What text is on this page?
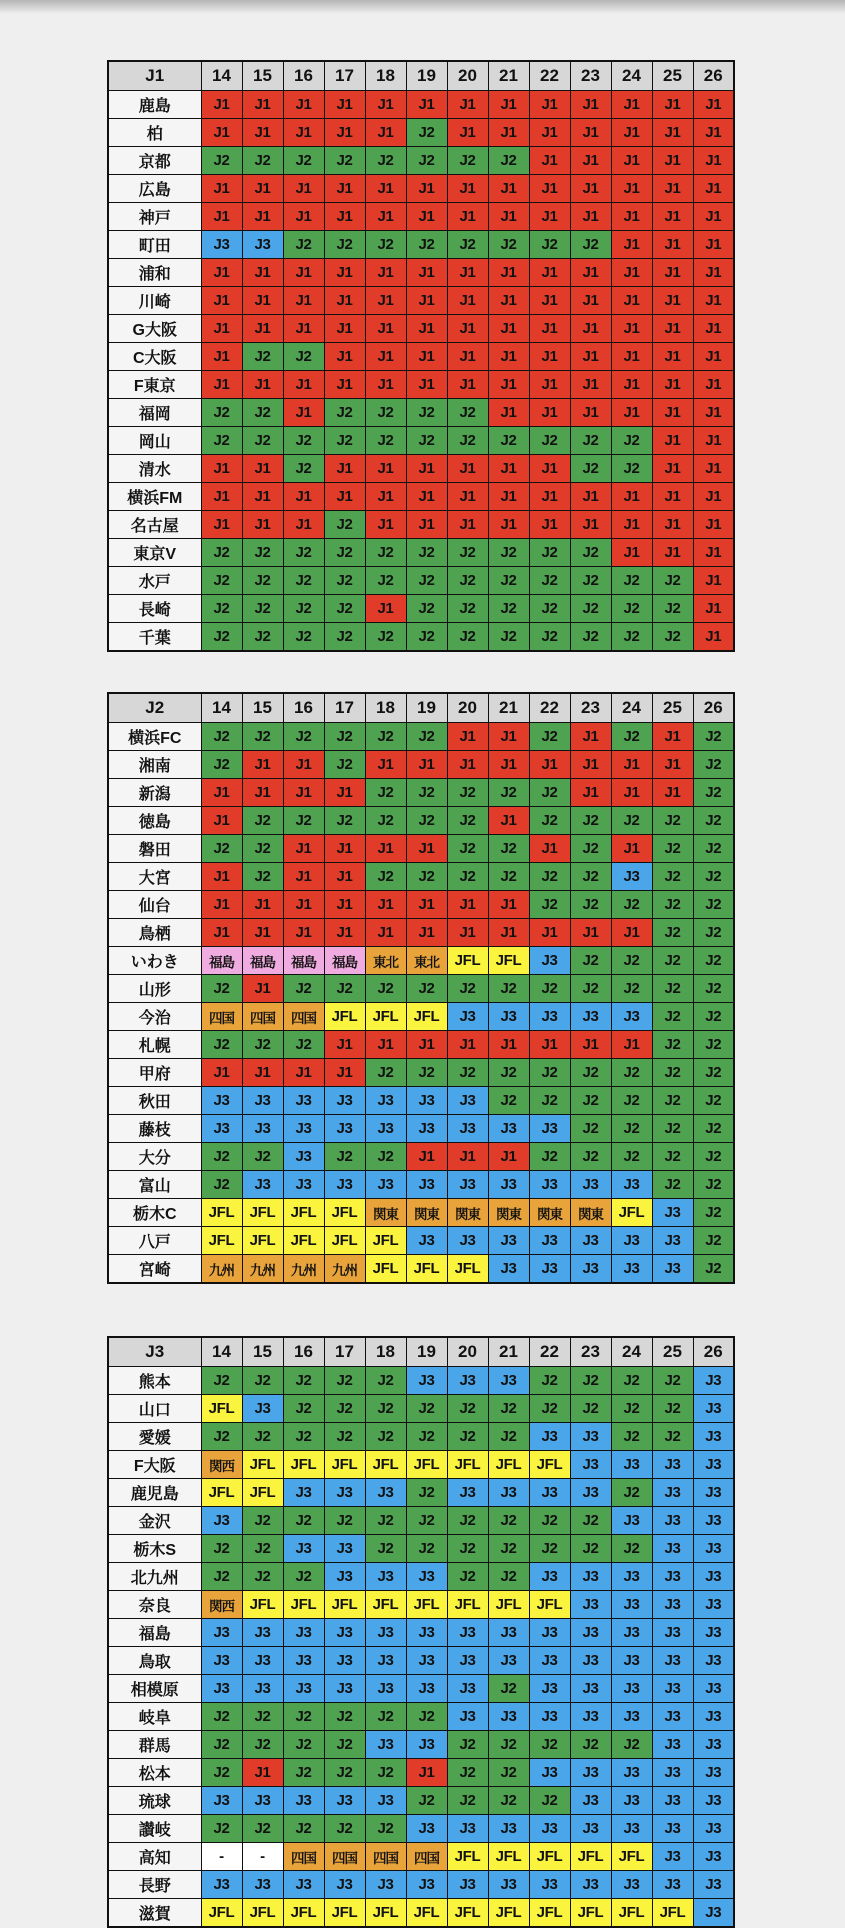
J1	14	15	16	17	18	19	20	21	22	23	24	25	26
鹿島	J1	J1	J1	J1	J1	J1	J1	J1	J1	J1	J1	J1	J1
柏	J1	J1	J1	J1	J1	J2	J1	J1	J1	J1	J1	J1	J1
京都	J2	J2	J2	J2	J2	J2	J2	J2	J1	J1	J1	J1	J1
広島	J1	J1	J1	J1	J1	J1	J1	J1	J1	J1	J1	J1	J1
神戸	J1	J1	J1	J1	J1	J1	J1	J1	J1	J1	J1	J1	J1
町田	J3	J3	J2	J2	J2	J2	J2	J2	J2	J2	J1	J1	J1
浦和	J1	J1	J1	J1	J1	J1	J1	J1	J1	J1	J1	J1	J1
川崎	J1	J1	J1	J1	J1	J1	J1	J1	J1	J1	J1	J1	J1
G大阪	J1	J1	J1	J1	J1	J1	J1	J1	J1	J1	J1	J1	J1
C大阪	J1	J2	J2	J1	J1	J1	J1	J1	J1	J1	J1	J1	J1
F東京	J1	J1	J1	J1	J1	J1	J1	J1	J1	J1	J1	J1	J1
福岡	J2	J2	J1	J2	J2	J2	J2	J1	J1	J1	J1	J1	J1
岡山	J2	J2	J2	J2	J2	J2	J2	J2	J2	J2	J2	J1	J1
清水	J1	J1	J2	J1	J1	J1	J1	J1	J1	J2	J2	J1	J1
横浜FM	J1	J1	J1	J1	J1	J1	J1	J1	J1	J1	J1	J1	J1
名古屋	J1	J1	J1	J2	J1	J1	J1	J1	J1	J1	J1	J1	J1
東京V	J2	J2	J2	J2	J2	J2	J2	J2	J2	J2	J1	J1	J1
水戸	J2	J2	J2	J2	J2	J2	J2	J2	J2	J2	J2	J2	J1
長崎	J2	J2	J2	J2	J1	J2	J2	J2	J2	J2	J2	J2	J1
千葉	J2	J2	J2	J2	J2	J2	J2	J2	J2	J2	J2	J2	J1
J2	14	15	16	17	18	19	20	21	22	23	24	25	26
横浜FC	J2	J2	J2	J2	J2	J2	J1	J1	J2	J1	J2	J1	J2
湘南	J2	J1	J1	J2	J1	J1	J1	J1	J1	J1	J1	J1	J2
新潟	J1	J1	J1	J1	J2	J2	J2	J2	J2	J1	J1	J1	J2
徳島	J1	J2	J2	J2	J2	J2	J2	J1	J2	J2	J2	J2	J2
磐田	J2	J2	J1	J1	J1	J1	J2	J2	J1	J2	J1	J2	J2
大宮	J1	J2	J1	J1	J2	J2	J2	J2	J2	J2	J3	J2	J2
仙台	J1	J1	J1	J1	J1	J1	J1	J1	J2	J2	J2	J2	J2
鳥栖	J1	J1	J1	J1	J1	J1	J1	J1	J1	J1	J1	J2	J2
いわき	福島	福島	福島	福島	東北	東北	JFL	JFL	J3	J2	J2	J2	J2
山形	J2	J1	J2	J2	J2	J2	J2	J2	J2	J2	J2	J2	J2
今治	四国	四国	四国	JFL	JFL	JFL	J3	J3	J3	J3	J3	J2	J2
札幌	J2	J2	J2	J1	J1	J1	J1	J1	J1	J1	J1	J2	J2
甲府	J1	J1	J1	J1	J2	J2	J2	J2	J2	J2	J2	J2	J2
秋田	J3	J3	J3	J3	J3	J3	J3	J2	J2	J2	J2	J2	J2
藤枝	J3	J3	J3	J3	J3	J3	J3	J3	J3	J2	J2	J2	J2
大分	J2	J2	J3	J2	J2	J1	J1	J1	J2	J2	J2	J2	J2
富山	J2	J3	J3	J3	J3	J3	J3	J3	J3	J3	J3	J2	J2
栃木C	JFL	JFL	JFL	JFL	関東	関東	関東	関東	関東	関東	JFL	J3	J2
八戸	JFL	JFL	JFL	JFL	JFL	J3	J3	J3	J3	J3	J3	J3	J2
宮崎	九州	九州	九州	九州	JFL	JFL	JFL	J3	J3	J3	J3	J3	J2
J3	14	15	16	17	18	19	20	21	22	23	24	25	26
熊本	J2	J2	J2	J2	J2	J3	J3	J3	J2	J2	J2	J2	J3
山口	JFL	J3	J2	J2	J2	J2	J2	J2	J2	J2	J2	J2	J3
愛媛	J2	J2	J2	J2	J2	J2	J2	J2	J3	J3	J2	J2	J3
F大阪	関西	JFL	JFL	JFL	JFL	JFL	JFL	JFL	JFL	J3	J3	J3	J3
鹿児島	JFL	JFL	J3	J3	J3	J2	J3	J3	J3	J3	J2	J3	J3
金沢	J3	J2	J2	J2	J2	J2	J2	J2	J2	J2	J3	J3	J3
栃木S	J2	J2	J3	J3	J2	J2	J2	J2	J2	J2	J2	J3	J3
北九州	J2	J2	J2	J3	J3	J3	J2	J2	J3	J3	J3	J3	J3
奈良	関西	JFL	JFL	JFL	JFL	JFL	JFL	JFL	JFL	J3	J3	J3	J3
福島	J3	J3	J3	J3	J3	J3	J3	J3	J3	J3	J3	J3	J3
鳥取	J3	J3	J3	J3	J3	J3	J3	J3	J3	J3	J3	J3	J3
相模原	J3	J3	J3	J3	J3	J3	J3	J2	J3	J3	J3	J3	J3
岐阜	J2	J2	J2	J2	J2	J2	J3	J3	J3	J3	J3	J3	J3
群馬	J2	J2	J2	J2	J3	J3	J2	J2	J2	J2	J2	J3	J3
松本	J2	J1	J2	J2	J2	J1	J2	J2	J3	J3	J3	J3	J3
琉球	J3	J3	J3	J3	J3	J2	J2	J2	J2	J3	J3	J3	J3
讃岐	J2	J2	J2	J2	J2	J3	J3	J3	J3	J3	J3	J3	J3
高知	-	-	四国	四国	四国	四国	JFL	JFL	JFL	JFL	JFL	J3	J3
長野	J3	J3	J3	J3	J3	J3	J3	J3	J3	J3	J3	J3	J3
滋賀	JFL	JFL	JFL	JFL	JFL	JFL	JFL	JFL	JFL	JFL	JFL	JFL	J3
